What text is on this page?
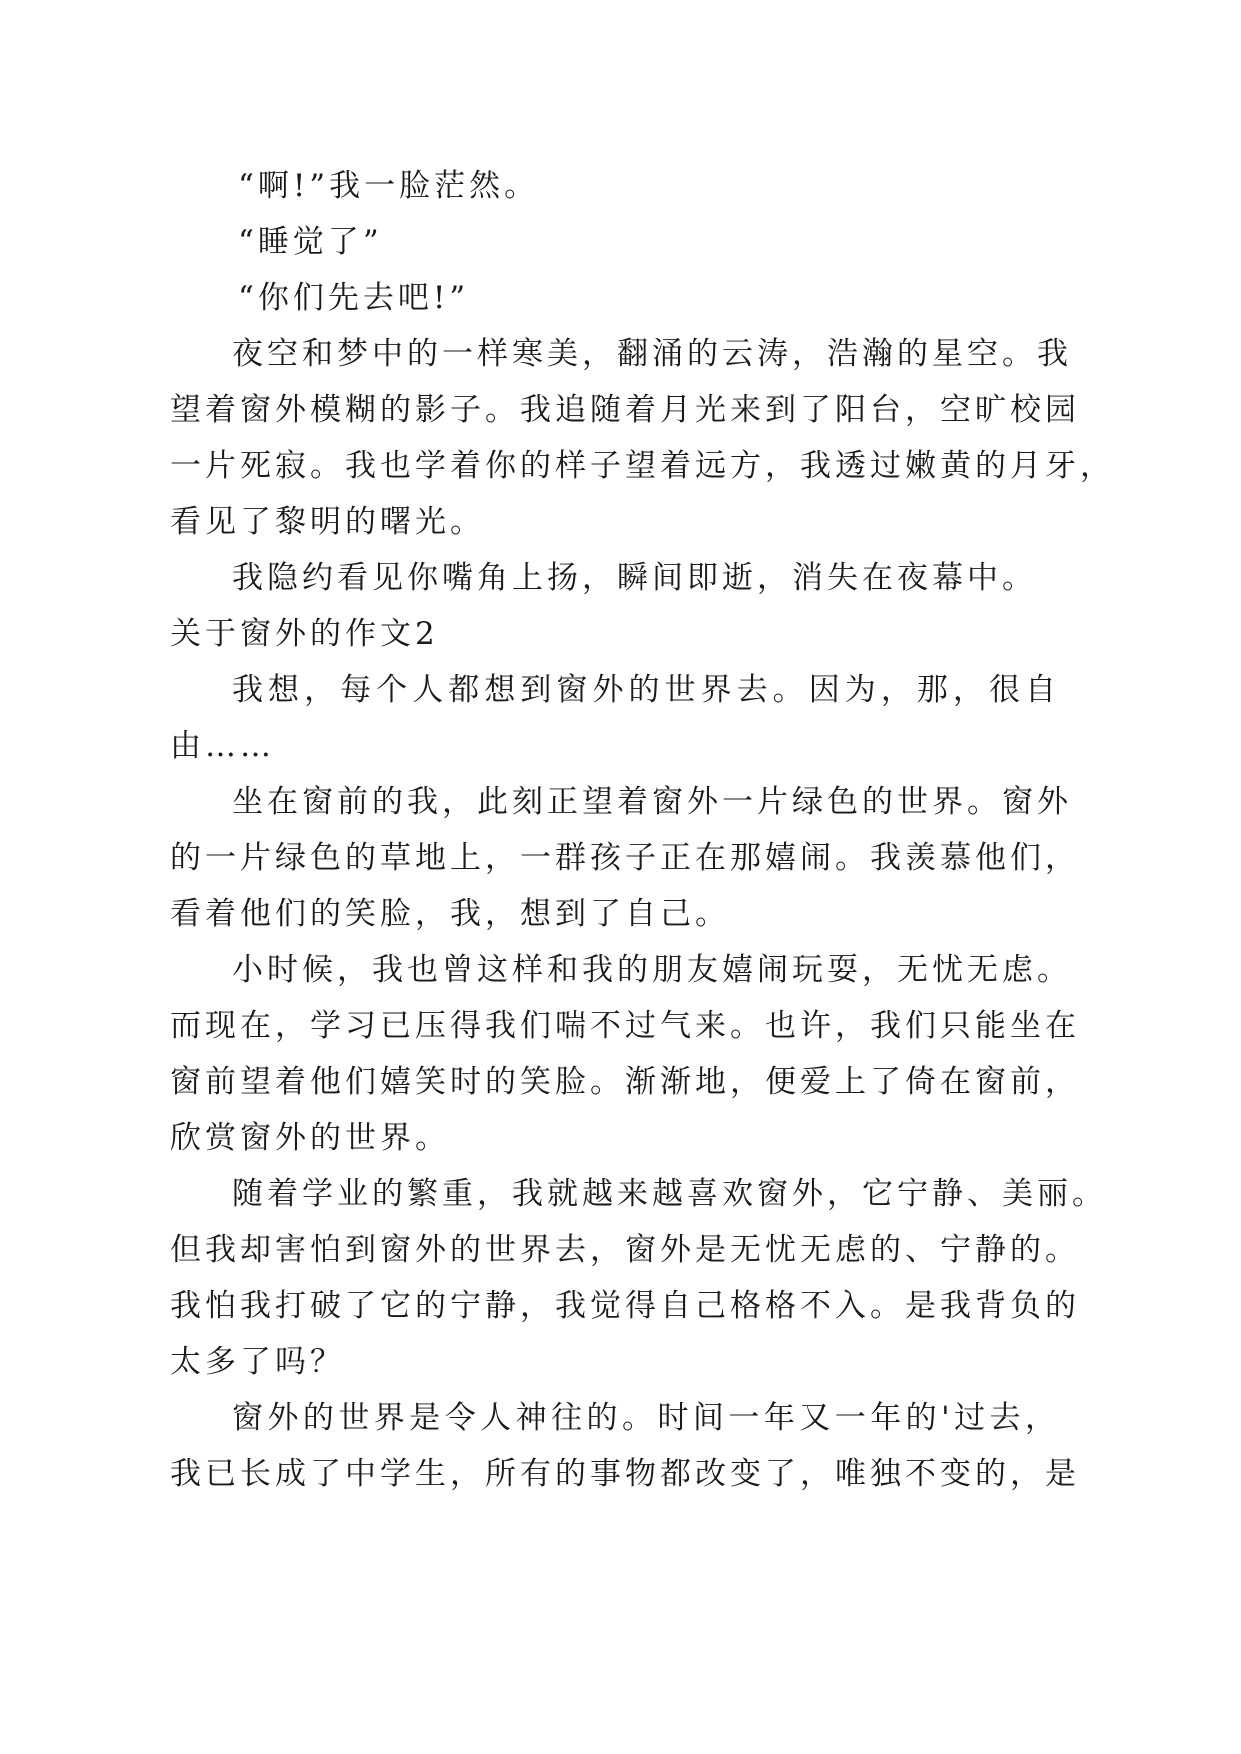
“啊!”我一脸茫然。
“睡觉了”
“你们先去吧!”
夜空和梦中的一样寒美，翻涌的云涛，浩瀚的星空。我
望着窗外模糊的影子。我追随着月光来到了阳台，空旷校园
一片死寂。我也学着你的样子望着远方，我透过嫩黄的月牙，
看见了黎明的曙光。
我隐约看见你嘴角上扬，瞬间即逝，消失在夜幕中。
关于窗外的作文2
我想，每个人都想到窗外的世界去。因为，那，很自
由……
坐在窗前的我，此刻正望着窗外一片绿色的世界。窗外
的一片绿色的草地上，一群孩子正在那嬉闹。我羡慕他们，
看着他们的笑脸，我，想到了自己。
小时候，我也曾这样和我的朋友嬉闹玩耍，无忧无虑。
而现在，学习已压得我们喘不过气来。也许，我们只能坐在
窗前望着他们嬉笑时的笑脸。渐渐地，便爱上了倚在窗前，
欣赏窗外的世界。
随着学业的繁重，我就越来越喜欢窗外，它宁静、美丽。
但我却害怕到窗外的世界去，窗外是无忧无虑的、宁静的。
我怕我打破了它的宁静，我觉得自己格格不入。是我背负的
太多了吗？
窗外的世界是令人神往的。时间一年又一年的'过去，
我已长成了中学生，所有的事物都改变了，唯独不变的，是
